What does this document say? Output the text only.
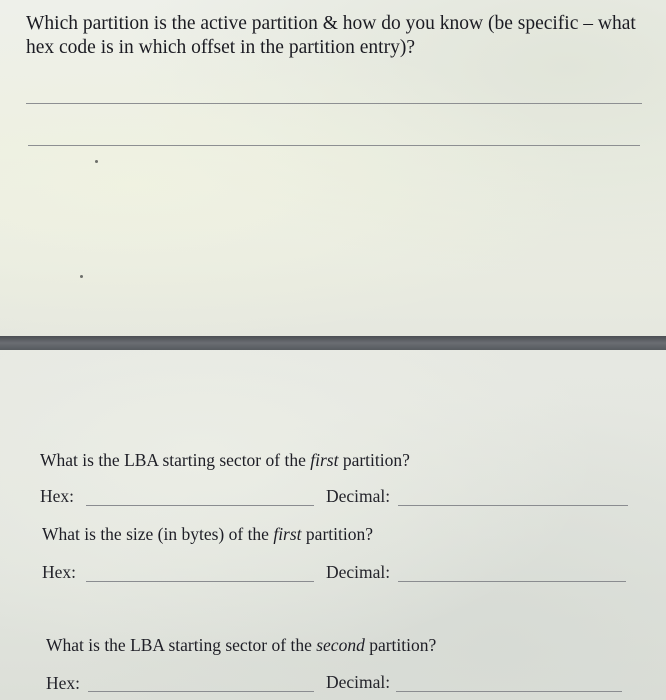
Which partition is the active partition & how do you know (be specific – what hex code is in which offset in the partition entry)?
What is the LBA starting sector of the first partition?
Hex:	Decimal:
What is the size (in bytes) of the first partition?
Hex:	Decimal:
What is the LBA starting sector of the second partition?
Hex:	Decimal:
